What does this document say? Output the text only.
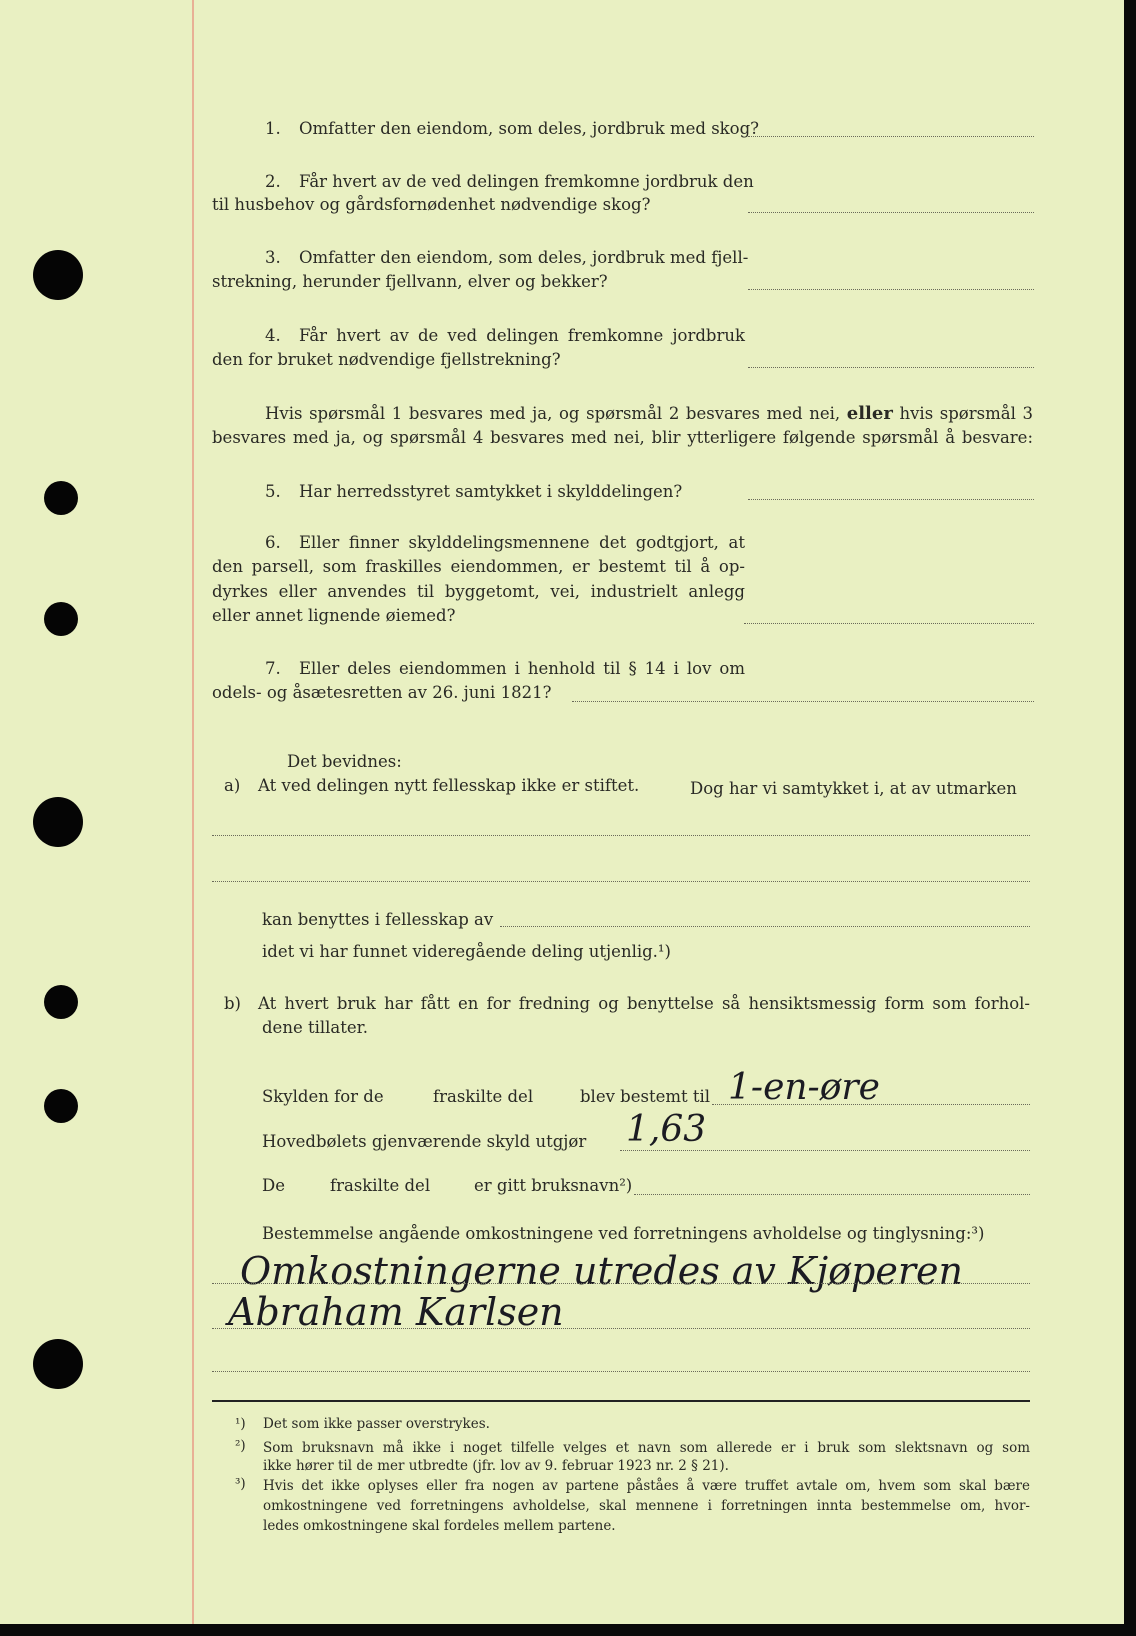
1. Omfatter den eiendom, som deles, jordbruk med skog?
2. Får hvert av de ved delingen fremkomne jordbruk den
til husbehov og gårdsfornødenhet nødvendige skog?
3. Omfatter den eiendom, som deles, jordbruk med fjell-
strekning, herunder fjellvann, elver og bekker?
4. Får hvert av de ved delingen fremkomne jordbruk
den for bruket nødvendige fjellstrekning?
Hvis spørsmål 1 besvares med ja, og spørsmål 2 besvares med nei, eller hvis spørsmål 3
besvares med ja, og spørsmål 4 besvares med nei, blir ytterligere følgende spørsmål å besvare:
5. Har herredsstyret samtykket i skylddelingen?
6. Eller finner skylddelingsmennene det godtgjort, at
den parsell, som fraskilles eiendommen, er bestemt til å op-
dyrkes eller anvendes til byggetomt, vei, industrielt anlegg
eller annet lignende øiemed?
7. Eller deles eiendommen i henhold til § 14 i lov om
odels- og åsætesretten av 26. juni 1821?
Det bevidnes:
a) At ved delingen nytt fellesskap ikke er stiftet.	Dog har vi samtykket i, at av utmarken
kan benyttes i fellesskap av
idet vi har funnet videregående deling utjenlig.¹)
b) At hvert bruk har fått en for fredning og benyttelse så hensiktsmessig form som forhol-
dene tillater.
Skylden for de	fraskilte del	blev bestemt til 1-en-øre
Hovedbølets gjenværende skyld utgjør 1,63
De	fraskilte del	er gitt bruksnavn²)
Bestemmelse angående omkostningene ved forretningens avholdelse og tinglysning:³)
Omkostningerne utredes av Kjøperen
Abraham Karlsen
¹) Det som ikke passer overstrykes.
²) Som bruksnavn må ikke i noget tilfelle velges et navn som allerede er i bruk som slektsnavn og som
ikke hører til de mer utbredte (jfr. lov av 9. februar 1923 nr. 2 § 21).
³) Hvis det ikke oplyses eller fra nogen av partene påståes å være truffet avtale om, hvem som skal bære
omkostningene ved forretningens avholdelse, skal mennene i forretningen innta bestemmelse om, hvor-
ledes omkostningene skal fordeles mellem partene.
